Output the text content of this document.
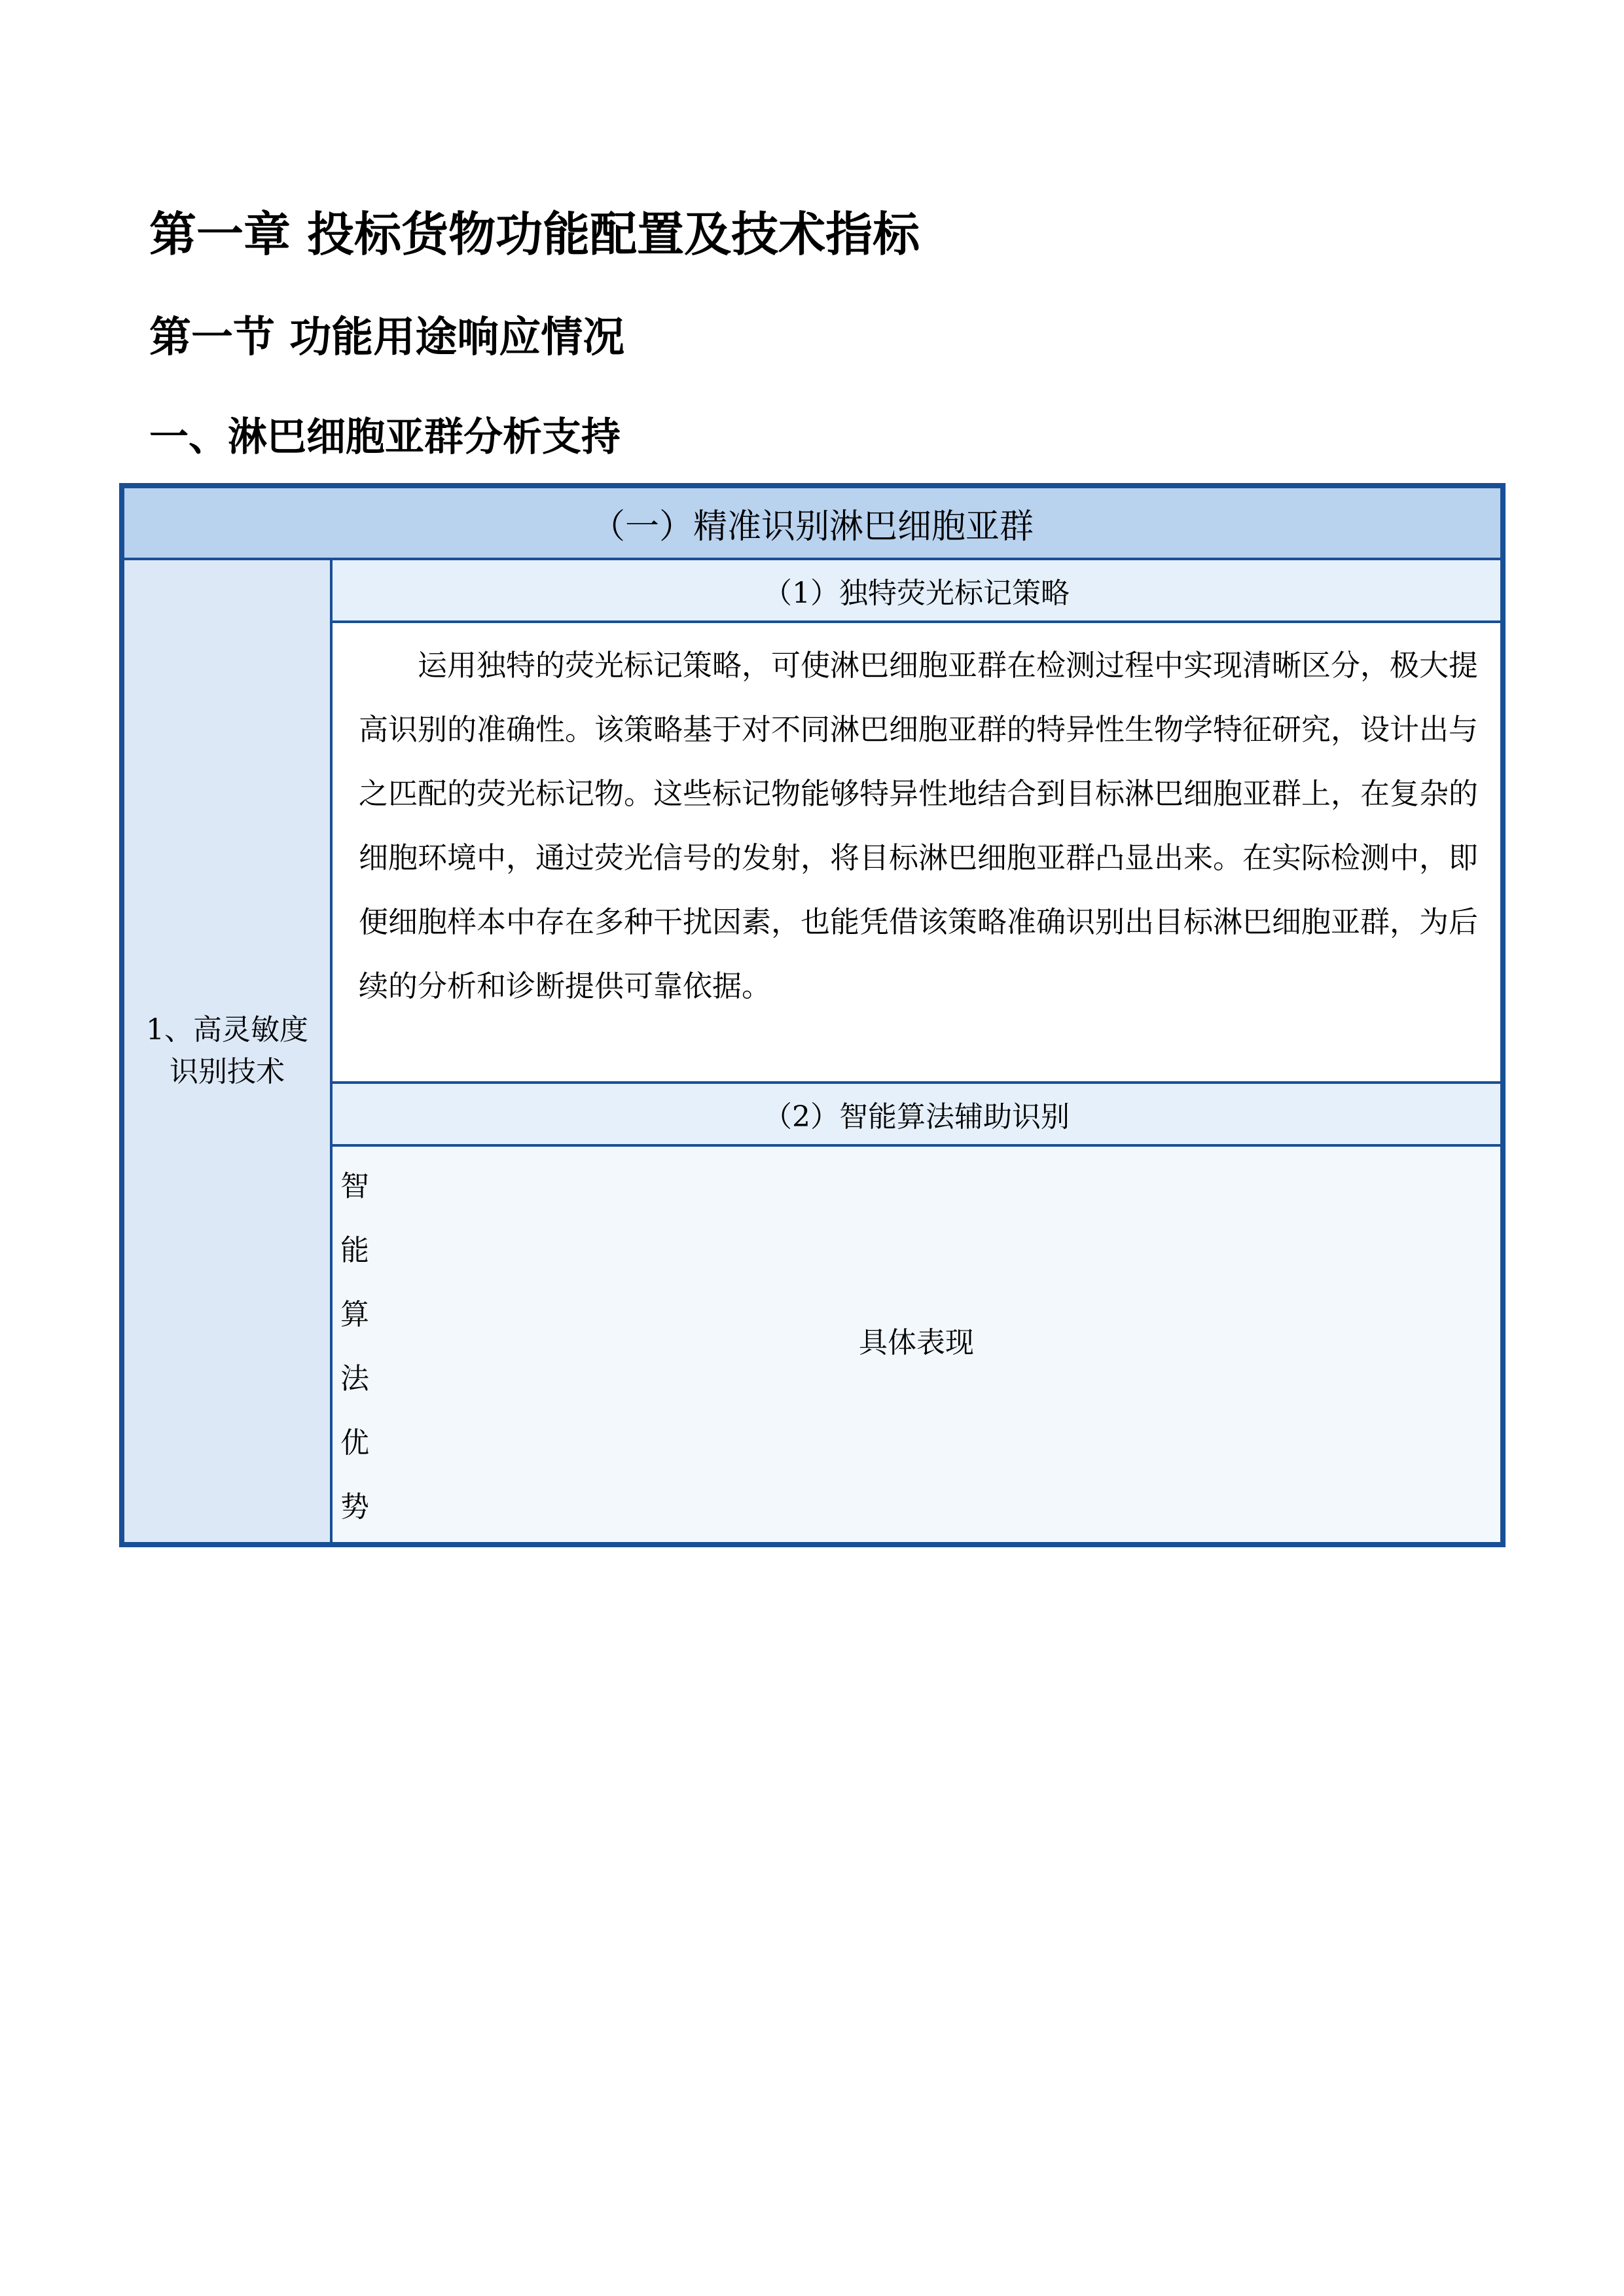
第一章 投标货物功能配置及技术指标
第一节 功能用途响应情况
一、淋巴细胞亚群分析支持
（一）精准识别淋巴细胞亚群
1、高灵敏度识别技术
（1）独特荧光标记策略

运用独特的荧光标记策略，可使淋巴细胞亚群在检测过程中实现清晰区分，极大提高识别的准确性。该策略基于对不同淋巴细胞亚群的特异性生物学特征研究，设计出与之匹配的荧光标记物。这些标记物能够特异性地结合到目标淋巴细胞亚群上，在复杂的细胞环境中，通过荧光信号的发射，将目标淋巴细胞亚群凸显出来。在实际检测中，即便细胞样本中存在多种干扰因素，也能凭借该策略准确识别出目标淋巴细胞亚群，为后续的分析和诊断提供可靠依据。

（2）智能算法辅助识别
智能算法优势
具体表现
